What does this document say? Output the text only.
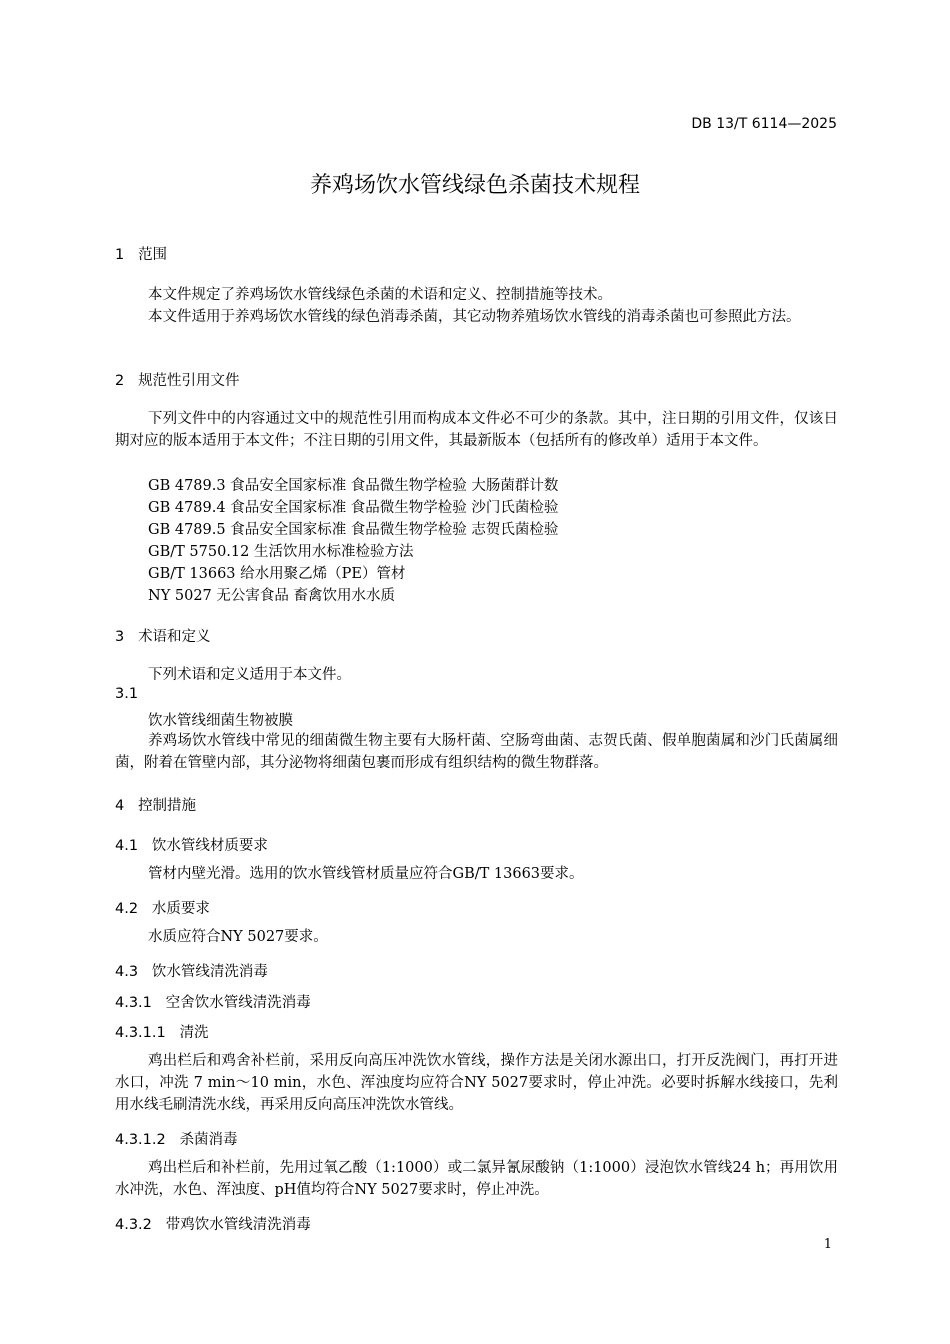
DB 13/T 6114—2025
养鸡场饮水管线绿色杀菌技术规程
1 范围
本文件规定了养鸡场饮水管线绿色杀菌的术语和定义、控制措施等技术。
本文件适用于养鸡场饮水管线的绿色消毒杀菌，其它动物养殖场饮水管线的消毒杀菌也可参照此方法。
2 规范性引用文件
下列文件中的内容通过文中的规范性引用而构成本文件必不可少的条款。其中，注日期的引用文件，仅该日期对应的版本适用于本文件；不注日期的引用文件，其最新版本（包括所有的修改单）适用于本文件。
GB 4789.3 食品安全国家标准 食品微生物学检验 大肠菌群计数
GB 4789.4 食品安全国家标准 食品微生物学检验 沙门氏菌检验
GB 4789.5 食品安全国家标准 食品微生物学检验 志贺氏菌检验
GB/T 5750.12 生活饮用水标准检验方法
GB/T 13663 给水用聚乙烯（PE）管材
NY 5027 无公害食品 畜禽饮用水水质
3 术语和定义
下列术语和定义适用于本文件。
3.1
饮水管线细菌生物被膜
养鸡场饮水管线中常见的细菌微生物主要有大肠杆菌、空肠弯曲菌、志贺氏菌、假单胞菌属和沙门氏菌属细菌，附着在管壁内部，其分泌物将细菌包裹而形成有组织结构的微生物群落。
4 控制措施
4.1 饮水管线材质要求
管材内壁光滑。选用的饮水管线管材质量应符合GB/T 13663要求。
4.2 水质要求
水质应符合NY 5027要求。
4.3 饮水管线清洗消毒
4.3.1 空舍饮水管线清洗消毒
4.3.1.1 清洗
鸡出栏后和鸡舍补栏前，采用反向高压冲洗饮水管线，操作方法是关闭水源出口，打开反洗阀门，再打开进水口，冲洗 7 min～10 min，水色、浑浊度均应符合NY 5027要求时，停止冲洗。必要时拆解水线接口，先利用水线毛刷清洗水线，再采用反向高压冲洗饮水管线。
4.3.1.2 杀菌消毒
鸡出栏后和补栏前，先用过氧乙酸（1:1000）或二氯异氰尿酸钠（1:1000）浸泡饮水管线24 h；再用饮用水冲洗，水色、浑浊度、pH值均符合NY 5027要求时，停止冲洗。
4.3.2 带鸡饮水管线清洗消毒
1
